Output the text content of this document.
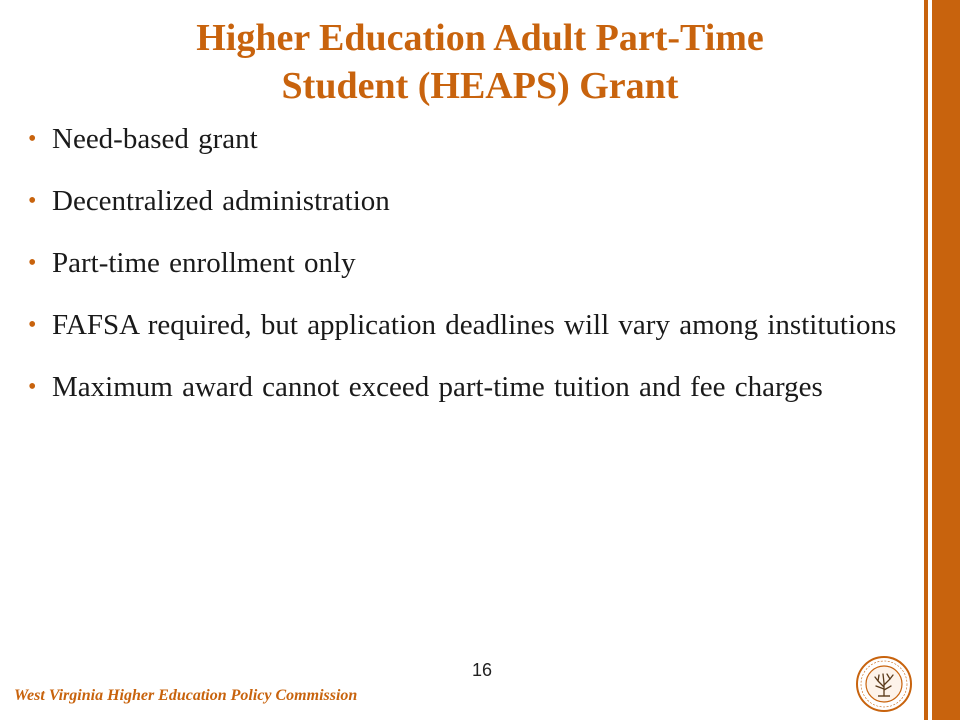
Higher Education Adult Part-Time
Student (HEAPS) Grant
• Need-based grant
• Decentralized administration
• Part-time enrollment only
• FAFSA required, but application deadlines will vary among institutions
• Maximum award cannot exceed part-time tuition and fee charges
16
West Virginia Higher Education Policy Commission
